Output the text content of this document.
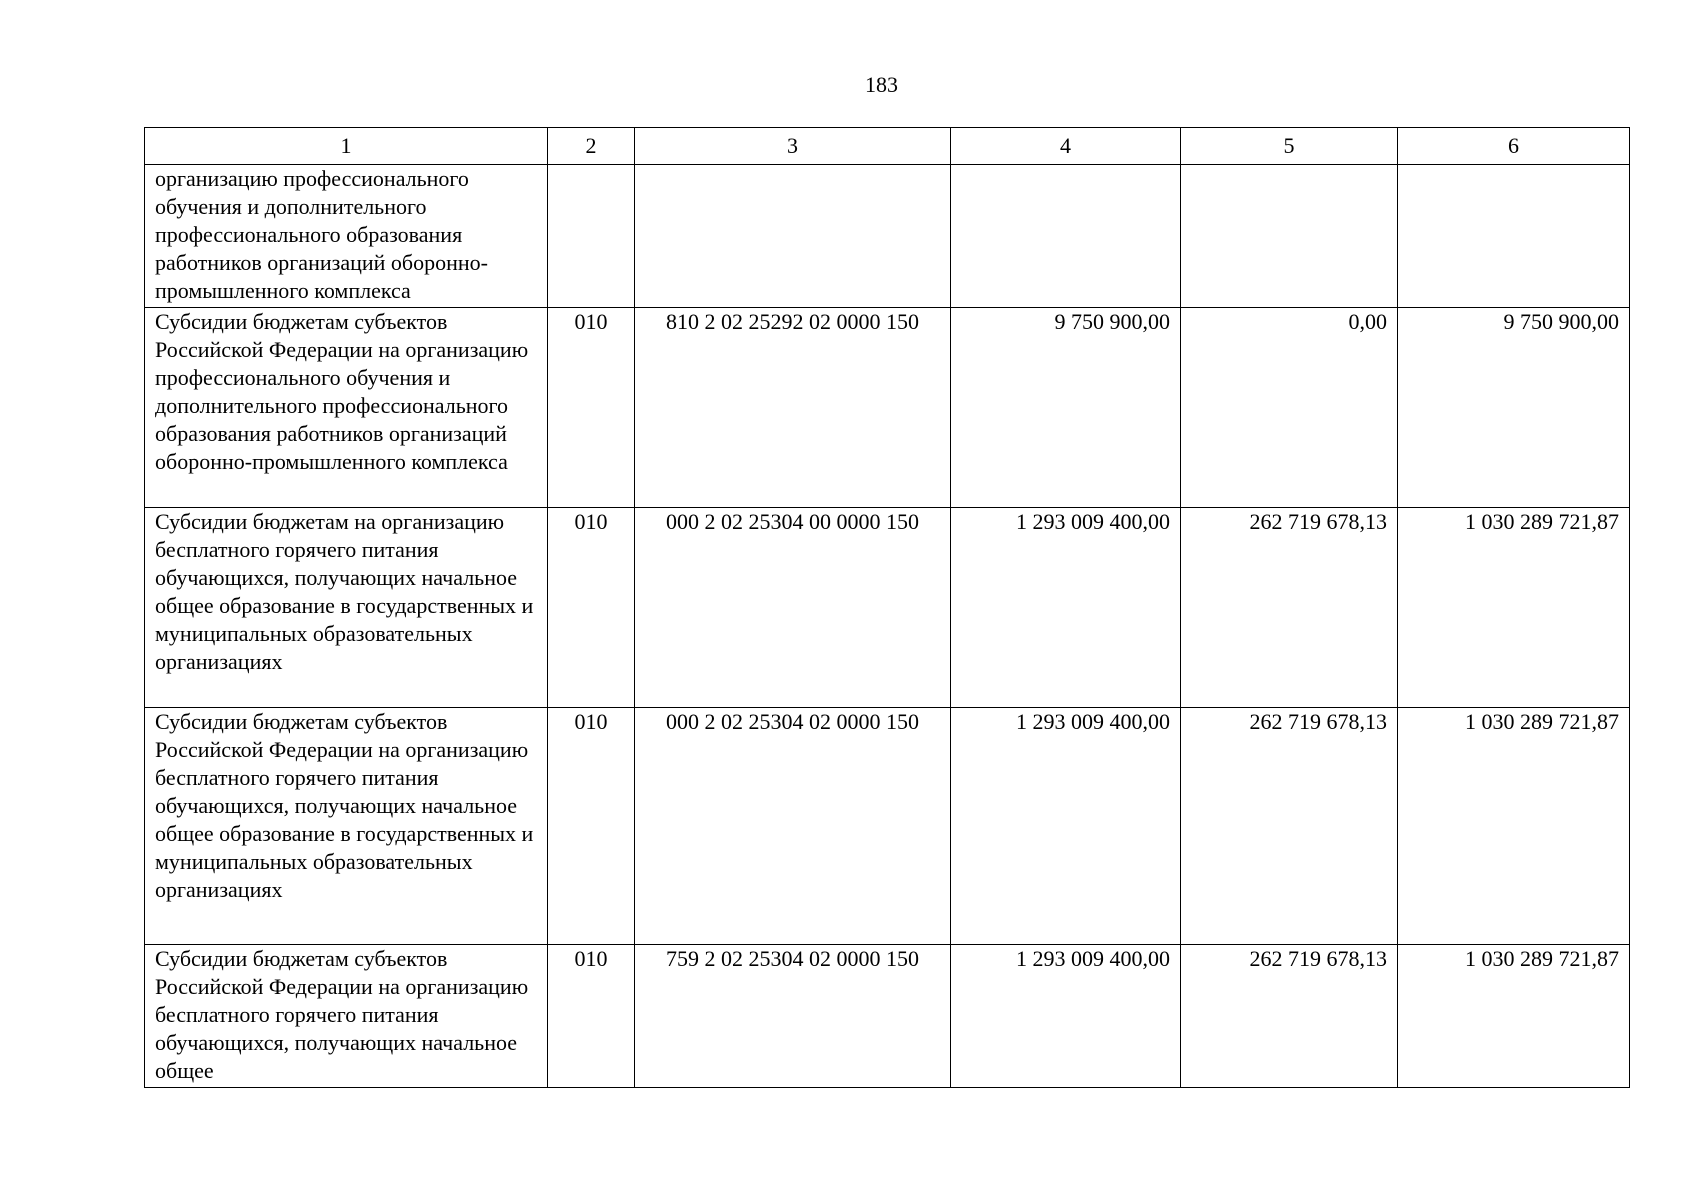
183
1	2	3	4	5	6
организацию профессионального обучения и дополнительного профессионального образования работников организаций оборонно-промышленного комплекса					
Субсидии бюджетам субъектов Российской Федерации на организацию профессионального обучения и дополнительного профессионального образования работников организаций оборонно-промышленного комплекса	010	810 2 02 25292 02 0000 150	9 750 900,00	0,00	9 750 900,00
Субсидии бюджетам на организацию бесплатного горячего питания обучающихся, получающих начальное общее образование в государственных и муниципальных образовательных организациях	010	000 2 02 25304 00 0000 150	1 293 009 400,00	262 719 678,13	1 030 289 721,87
Субсидии бюджетам субъектов Российской Федерации на организацию бесплатного горячего питания обучающихся, получающих начальное общее образование в государственных и муниципальных образовательных организациях	010	000 2 02 25304 02 0000 150	1 293 009 400,00	262 719 678,13	1 030 289 721,87
Субсидии бюджетам субъектов Российской Федерации на организацию бесплатного горячего питания обучающихся, получающих начальное общее	010	759 2 02 25304 02 0000 150	1 293 009 400,00	262 719 678,13	1 030 289 721,87
